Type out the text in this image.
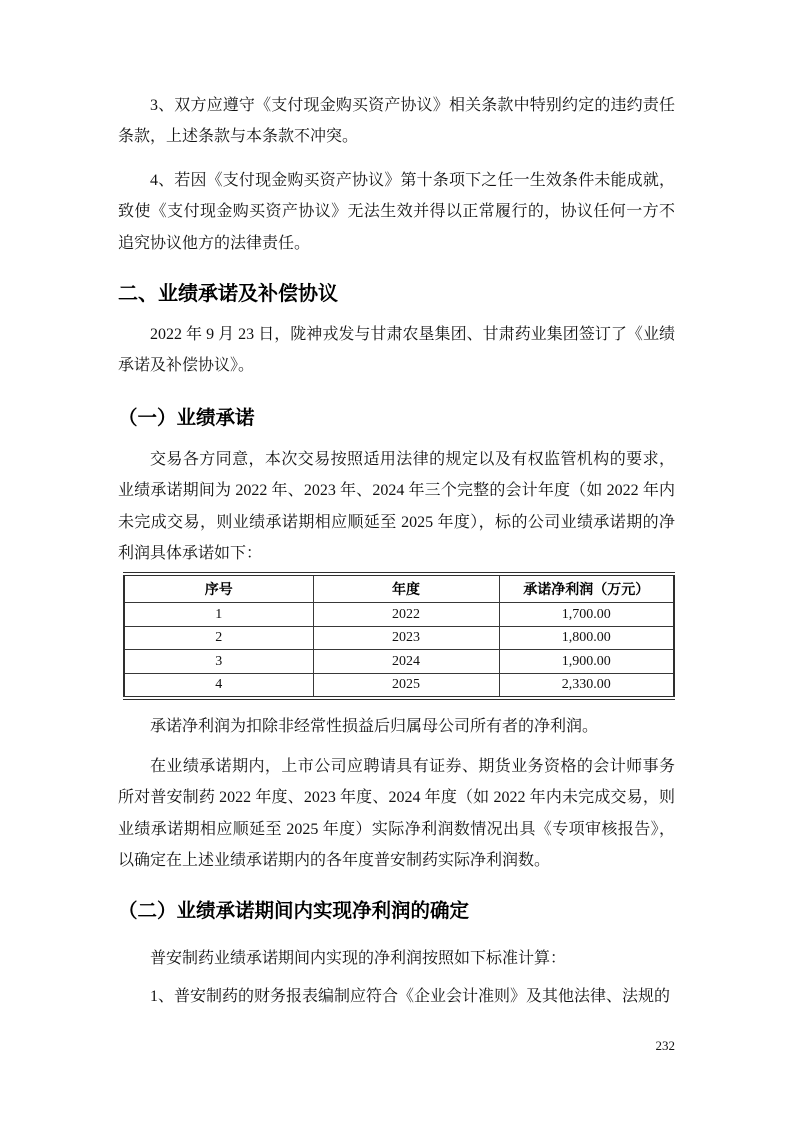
3、双方应遵守《支付现金购买资产协议》相关条款中特别约定的违约责任条款，上述条款与本条款不冲突。

4、若因《支付现金购买资产协议》第十条项下之任一生效条件未能成就，致使《支付现金购买资产协议》无法生效并得以正常履行的，协议任何一方不追究协议他方的法律责任。

二、业绩承诺及补偿协议

2022 年 9 月 23 日，陇神戎发与甘肃农垦集团、甘肃药业集团签订了《业绩承诺及补偿协议》。

（一）业绩承诺

交易各方同意，本次交易按照适用法律的规定以及有权监管机构的要求，业绩承诺期间为 2022 年、2023 年、2024 年三个完整的会计年度（如 2022 年内未完成交易，则业绩承诺期相应顺延至 2025 年度），标的公司业绩承诺期的净利润具体承诺如下：

序号	年度	承诺净利润（万元）
1	2022	1,700.00
2	2023	1,800.00
3	2024	1,900.00
4	2025	2,330.00

承诺净利润为扣除非经常性损益后归属母公司所有者的净利润。

在业绩承诺期内，上市公司应聘请具有证券、期货业务资格的会计师事务所对普安制药 2022 年度、2023 年度、2024 年度（如 2022 年内未完成交易，则业绩承诺期相应顺延至 2025 年度）实际净利润数情况出具《专项审核报告》，以确定在上述业绩承诺期内的各年度普安制药实际净利润数。

（二）业绩承诺期间内实现净利润的确定

普安制药业绩承诺期间内实现的净利润按照如下标准计算：

1、普安制药的财务报表编制应符合《企业会计准则》及其他法律、法规的

232
